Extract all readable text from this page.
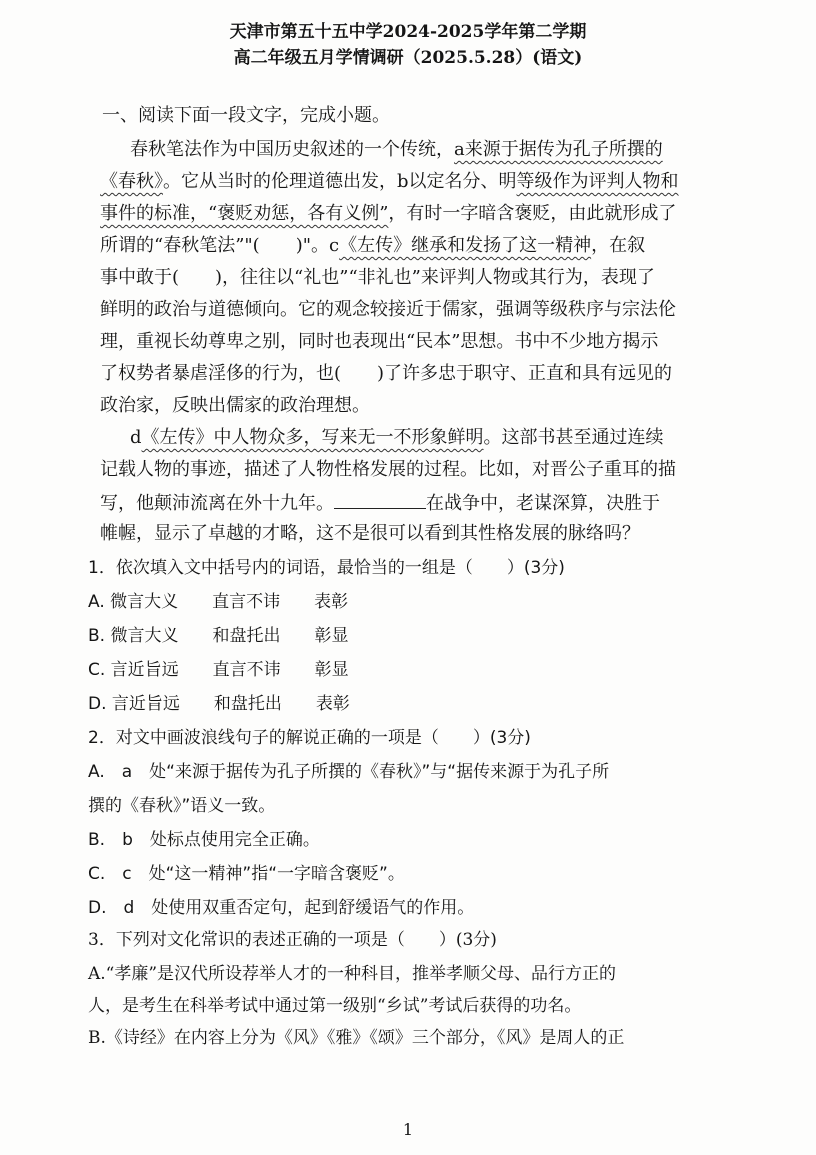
天津市第五十五中学2024-2025学年第二学期
高二年级五月学情调研（2025.5.28）(语文)
一、阅读下面一段文字，完成小题。
春秋笔法作为中国历史叙述的一个传统，a来源于据传为孔子所撰的
《春秋》。它从当时的伦理道德出发，b以定名分、明等级作为评判人物和
事件的标准，“褒贬劝惩，各有义例”，有时一字暗含褒贬，由此就形成了
所谓的“春秋笔法”"(　　)"。c《左传》继承和发扬了这一精神，在叙
事中敢于(　　)，往往以“礼也”“非礼也”来评判人物或其行为，表现了
鲜明的政治与道德倾向。它的观念较接近于儒家，强调等级秩序与宗法伦
理，重视长幼尊卑之别，同时也表现出“民本”思想。书中不少地方揭示
了权势者暴虐淫侈的行为，也(　　)了许多忠于职守、正直和具有远见的
政治家，反映出儒家的政治理想。
d《左传》中人物众多，写来无一不形象鲜明。这部书甚至通过连续
记载人物的事迹，描述了人物性格发展的过程。比如，对晋公子重耳的描
写，他颠沛流离在外十九年。	在战争中，老谋深算，决胜于
帷幄，显示了卓越的才略，这不是很可以看到其性格发展的脉络吗？
1．依次填入文中括号内的词语，最恰当的一组是（　　）(3分)
A. 微言大义　　直言不讳　　表彰
B. 微言大义　　和盘托出　　彰显
C. 言近旨远　　直言不讳　　彰显
D. 言近旨远　　和盘托出　　表彰
2．对文中画波浪线句子的解说正确的一项是（　　）(3分)
A.　a　处“来源于据传为孔子所撰的《春秋》”与“据传来源于为孔子所
撰的《春秋》”语义一致。
B.　b　处标点使用完全正确。
C.　c　处“这一精神”指“一字暗含褒贬”。
D.　d　处使用双重否定句，起到舒缓语气的作用。
3．下列对文化常识的表述正确的一项是（　　）(3分)
A.“孝廉”是汉代所设荐举人才的一种科目，推举孝顺父母、品行方正的
人，是考生在科举考试中通过第一级别“乡试”考试后获得的功名。
B.《诗经》在内容上分为《风》《雅》《颂》三个部分，《风》是周人的正
1
